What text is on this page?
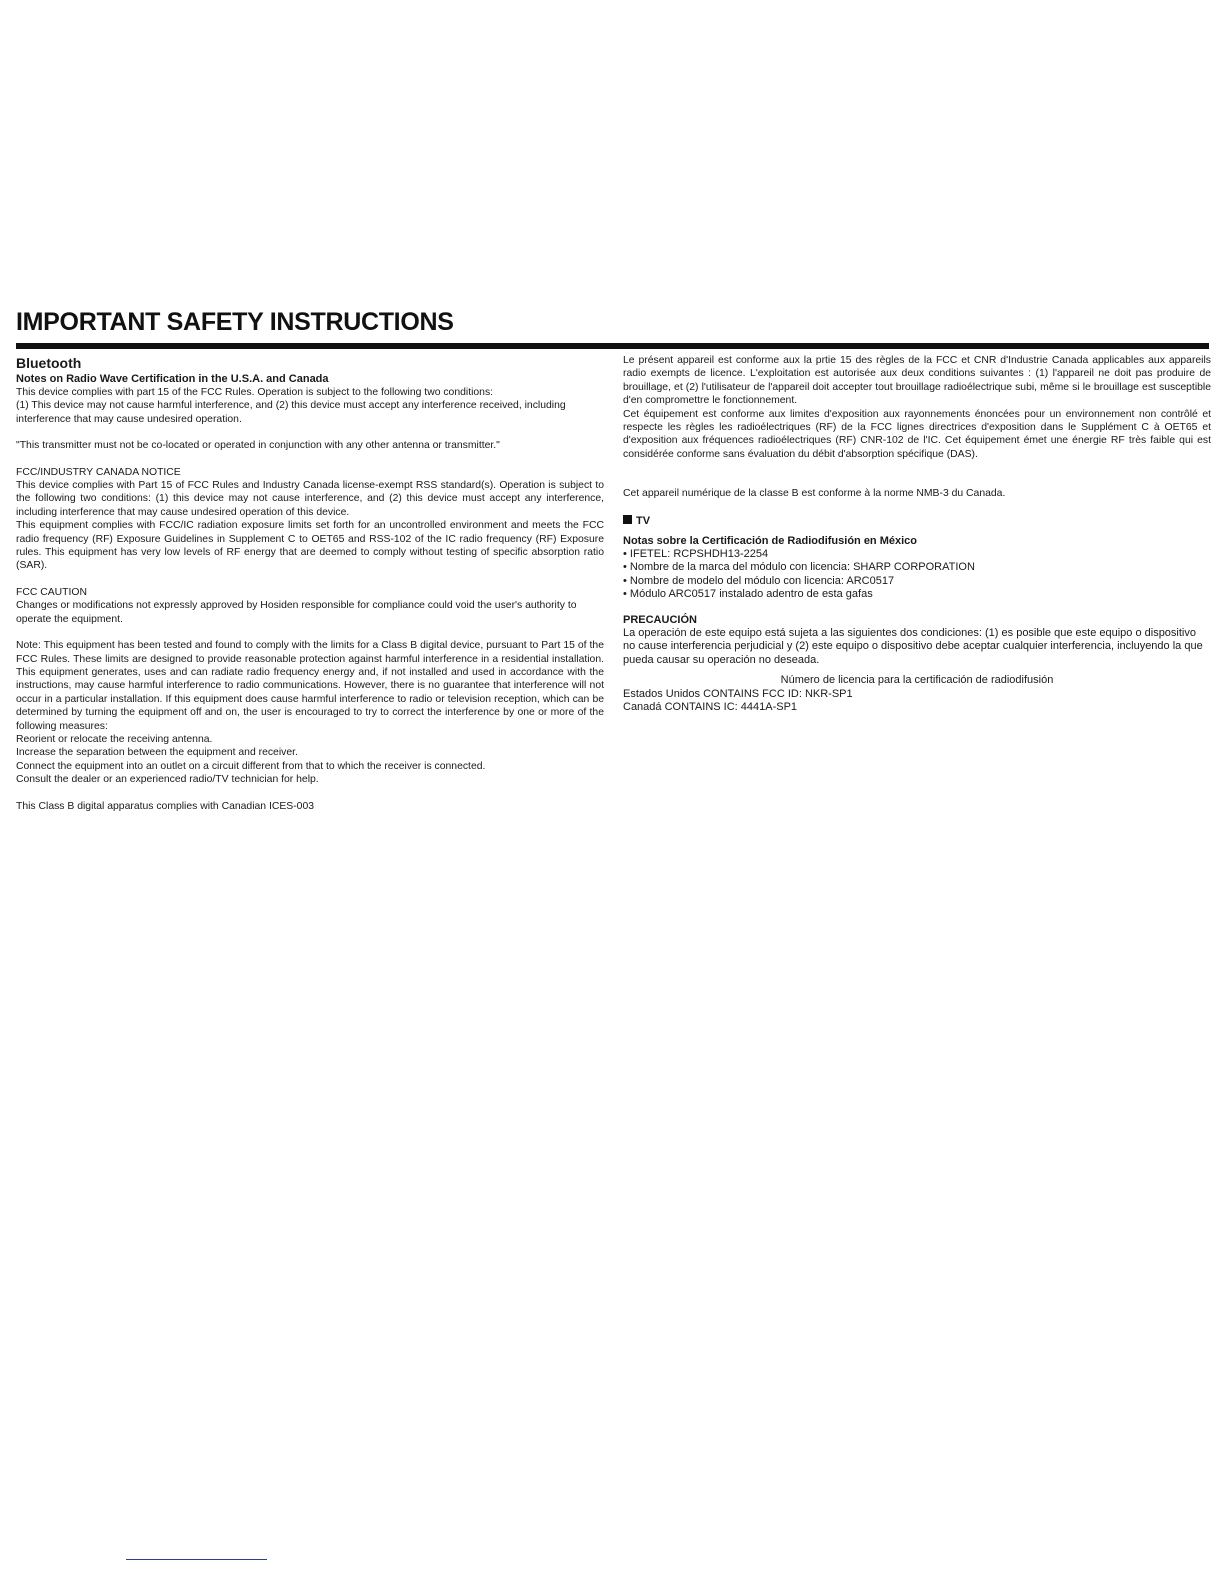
IMPORTANT SAFETY INSTRUCTIONS
Bluetooth
Notes on Radio Wave Certification in the U.S.A. and Canada

This device complies with part 15 of the FCC Rules. Operation is subject to the following two conditions:

(1) This device may not cause harmful interference, and (2) this device must accept any interference received, including interference that may cause undesired operation.

"This transmitter must not be co-located or operated in conjunction with any other antenna or transmitter."

FCC/INDUSTRY CANADA NOTICE

This device complies with Part 15 of FCC Rules and Industry Canada license-exempt RSS standard(s). Operation is subject to the following two conditions: (1) this device may not cause interference, and (2) this device must accept any interference, including interference that may cause undesired operation of this device.

This equipment complies with FCC/IC radiation exposure limits set forth for an uncontrolled environment and meets the FCC radio frequency (RF) Exposure Guidelines in Supplement C to OET65 and RSS-102 of the IC radio frequency (RF) Exposure rules. This equipment has very low levels of RF energy that are deemed to comply without testing of specific absorption ratio (SAR).

FCC CAUTION

Changes or modifications not expressly approved by Hosiden responsible for compliance could void the user's authority to operate the equipment.

Note: This equipment has been tested and found to comply with the limits for a Class B digital device, pursuant to Part 15 of the FCC Rules. These limits are designed to provide reasonable protection against harmful interference in a residential installation. This equipment generates, uses and can radiate radio frequency energy and, if not installed and used in accordance with the instructions, may cause harmful interference to radio communications. However, there is no guarantee that interference will not occur in a particular installation. If this equipment does cause harmful interference to radio or television reception, which can be determined by turning the equipment off and on, the user is encouraged to try to correct the interference by one or more of the following measures:

Reorient or relocate the receiving antenna.

Increase the separation between the equipment and receiver.

Connect the equipment into an outlet on a circuit different from that to which the receiver is connected.

Consult the dealer or an experienced radio/TV technician for help.

This Class B digital apparatus complies with Canadian ICES-003

Le présent appareil est conforme aux la prtie 15 des règles de la FCC et CNR d'Industrie Canada applicables aux appareils radio exempts de licence. L'exploitation est autorisée aux deux conditions suivantes : (1) l'appareil ne doit pas produire de brouillage, et (2) l'utilisateur de l'appareil doit accepter tout brouillage radioélectrique subi, même si le brouillage est susceptible d'en compromettre le fonctionnement.

Cet équipement est conforme aux limites d'exposition aux rayonnements énoncées pour un environnement non contrôlé et respecte les règles les radioélectriques (RF) de la FCC lignes directrices d'exposition dans le Supplément C à OET65 et d'exposition aux fréquences radioélectriques (RF) CNR-102 de l'IC. Cet équipement émet une énergie RF très faible qui est considérée conforme sans évaluation du débit d'absorption spécifique (DAS).

Cet appareil numérique de la classe B est conforme à la norme NMB-3 du Canada.

TV
Notas sobre la Certificación de Radiodifusión en México
• IFETEL: RCPSHDH13-2254
• Nombre de la marca del módulo con licencia: SHARP CORPORATION
• Nombre de modelo del módulo con licencia: ARC0517
• Módulo ARC0517 instalado adentro de esta gafas
PRECAUCIÓN

La operación de este equipo está sujeta a las siguientes dos condiciones: (1) es posible que este equipo o dispositivo no cause interferencia perjudicial y (2) este equipo o dispositivo debe aceptar cualquier interferencia, incluyendo la que pueda causar su operación no deseada.

Número de licencia para la certificación de radiodifusión

Estados Unidos CONTAINS FCC ID: NKR-SP1

Canadá CONTAINS IC: 4441A-SP1
